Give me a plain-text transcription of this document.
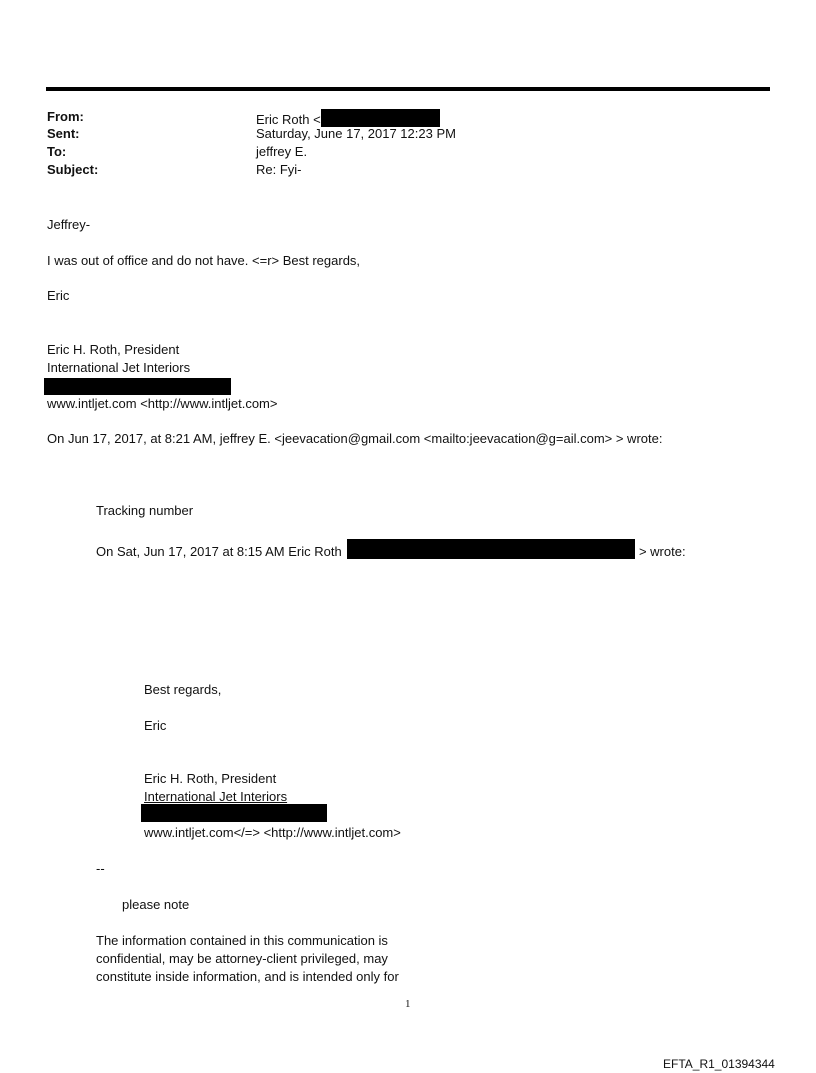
From:
Sent:
To:
Subject:
Eric Roth <
Saturday, June 17, 2017 12:23 PM
jeffrey E.
Re: Fyi-
Jeffrey-
I was out of office and do not have. <=r> Best regards,
Eric
Eric H. Roth, President
International Jet Interiors
www.intljet.com <http://www.intljet.com>
On Jun 17, 2017, at 8:21 AM, jeffrey E. <jeevacation@gmail.com <mailto:jeevacation@g=ail.com> > wrote:
Tracking number
On Sat, Jun 17, 2017 at 8:15 AM Eric Roth	> wrote:
Best regards,
Eric
Eric H. Roth, President
International Jet Interiors
www.intljet.com</=> <http://www.intljet.com>
--
please note
The information contained in this communication is
confidential, may be attorney-client privileged, may
constitute inside information, and is intended only for
1
EFTA_R1_01394344
